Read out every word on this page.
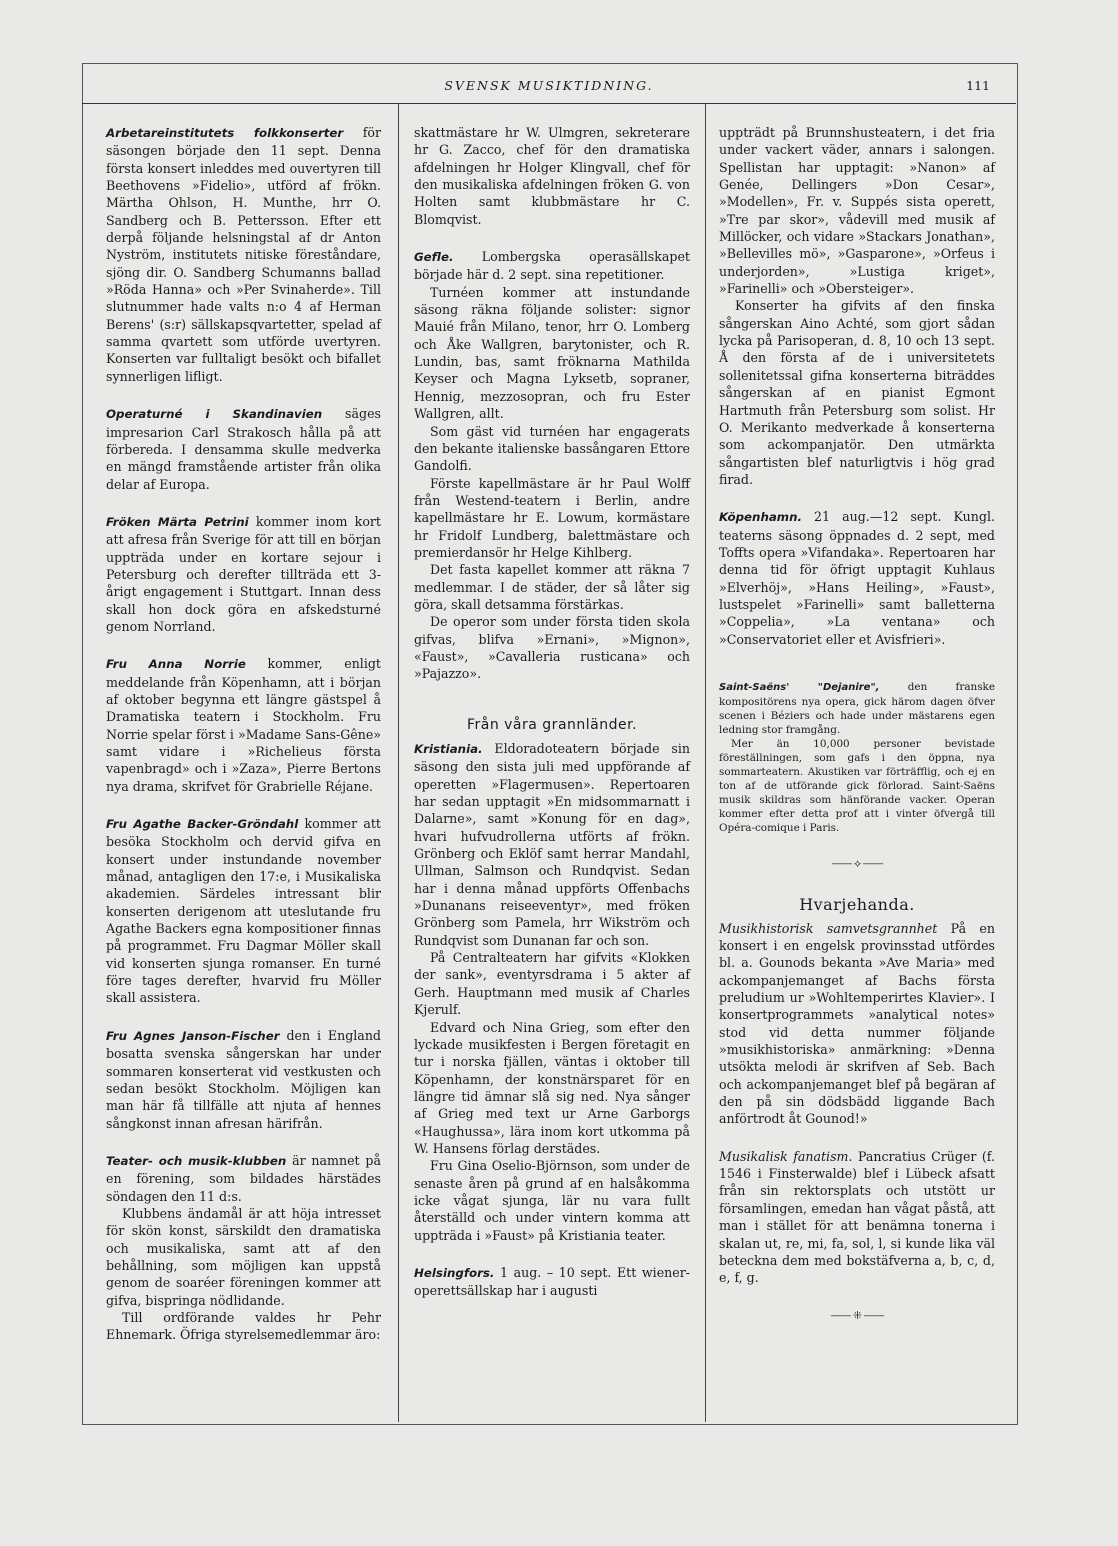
SVENSK MUSIKTIDNING.	111

Arbetareinstitutets folkkonserter för säsongen började den 11 sept. Denna första konsert inleddes med ouvertyren till Beethovens »Fidelio», utförd af frökn. Märtha Ohlson, H. Munthe, hrr O. Sandberg och B. Pettersson. Efter ett derpå följande helsningstal af dr Anton Nyström, institutets nitiske föreståndare, sjöng dir. O. Sandberg Schumanns ballad »Röda Hanna» och »Per Svinaherde». Till slutnummer hade valts n:o 4 af Herman Berens' (s:r) sällskapsqvartetter, spelad af samma qvartett som utförde uvertyren. Konserten var fulltaligt besökt och bifallet synnerligen lifligt.

Operaturné i Skandinavien säges impresarion Carl Strakosch hålla på att förbereda. I densamma skulle medverka en mängd framstående artister från olika delar af Europa.

Fröken Märta Petrini kommer inom kort att afresa från Sverige för att till en början uppträda under en kortare sejour i Petersburg och derefter tillträda ett 3-årigt engagement i Stuttgart. Innan dess skall hon dock göra en afskedsturné genom Norrland.

Fru Anna Norrie kommer, enligt meddelande från Köpenhamn, att i början af oktober begynna ett längre gästspel å Dramatiska teatern i Stockholm. Fru Norrie spelar först i »Madame Sans-Gêne» samt vidare i »Richelieus första vapenbragd» och i »Zaza», Pierre Bertons nya drama, skrifvet för Grabrielle Réjane.

Fru Agathe Backer-Gröndahl kommer att besöka Stockholm och dervid gifva en konsert under instundande november månad, antagligen den 17:e, i Musikaliska akademien. Särdeles intressant blir konserten derigenom att uteslutande fru Agathe Backers egna kompositioner finnas på programmet. Fru Dagmar Möller skall vid konserten sjunga romanser. En turné före tages derefter, hvarvid fru Möller skall assistera.

Fru Agnes Janson-Fischer den i England bosatta svenska sångerskan har under sommaren konserterat vid vestkusten och sedan besökt Stockholm. Möjligen kan man här få tillfälle att njuta af hennes sångkonst innan afresan härifrån.

Teater- och musik-klubben är namnet på en förening, som bildades härstädes söndagen den 11 d:s.

Klubbens ändamål är att höja intresset för skön konst, särskildt den dramatiska och musikaliska, samt att af den behållning, som möjligen kan uppstå genom de soaréer föreningen kommer att gifva, bispringa nödlidande.

Till ordförande valdes hr Pehr Ehnemark. Öfriga styrelsemedlemmar äro:

skattmästare hr W. Ulmgren, sekreterare hr G. Zacco, chef för den dramatiska afdelningen hr Holger Klingvall, chef för den musikaliska afdelningen fröken G. von Holten samt klubbmästare hr C. Blomqvist.

Gefle. Lombergska operasällskapet började här d. 2 sept. sina repetitioner.

Turnéen kommer att instundande säsong räkna följande solister: signor Mauié från Milano, tenor, hrr O. Lomberg och Åke Wallgren, barytonister, och R. Lundin, bas, samt fröknarna Mathilda Keyser och Magna Lyksetb, sopraner, Hennig, mezzosopran, och fru Ester Wallgren, allt.

Som gäst vid turnéen har engagerats den bekante italienske bassångaren Ettore Gandolfi.

Förste kapellmästare är hr Paul Wolff från Westend-teatern i Berlin, andre kapellmästare hr E. Lowum, kormästare hr Fridolf Lundberg, balettmästare och premierdansör hr Helge Kihlberg.

Det fasta kapellet kommer att räkna 7 medlemmar. I de städer, der så låter sig göra, skall detsamma förstärkas.

De operor som under första tiden skola gifvas, blifva »Ernani», »Mignon», «Faust», »Cavalleria rusticana» och »Pajazzo».

Från våra grannländer.

Kristiania. Eldoradoteatern började sin säsong den sista juli med uppförande af operetten »Flagermusen». Repertoaren har sedan upptagit »En midsommarnatt i Dalarne», samt »Konung för en dag», hvari hufvudrollerna utförts af frökn. Grönberg och Eklöf samt herrar Mandahl, Ullman, Salmson och Rundqvist. Sedan har i denna månad uppförts Offenbachs »Dunanans reiseeventyr», med fröken Grönberg som Pamela, hrr Wikström och Rundqvist som Dunanan far och son.

På Centralteatern har gifvits «Klokken der sank», eventyrsdrama i 5 akter af Gerh. Hauptmann med musik af Charles Kjerulf.

Edvard och Nina Grieg, som efter den lyckade musikfesten i Bergen företagit en tur i norska fjällen, väntas i oktober till Köpenhamn, der konstnärsparet för en längre tid ämnar slå sig ned. Nya sånger af Grieg med text ur Arne Garborgs «Haughussa», lära inom kort utkomma på W. Hansens förlag derstädes.

Fru Gina Oselio-Björnson, som under de senaste åren på grund af en halsåkomma icke vågat sjunga, lär nu vara fullt återställd och under vintern komma att uppträda i »Faust» på Kristiania teater.

Helsingfors. 1 aug. – 10 sept. Ett wiener-operettsällskap har i augusti

uppträdt på Brunnshusteatern, i det fria under vackert väder, annars i salongen. Spellistan har upptagit: »Nanon» af Genée, Dellingers »Don Cesar», »Modellen», Fr. v. Suppés sista operett, »Tre par skor», vådevill med musik af Millöcker, och vidare »Stackars Jonathan», »Bellevilles mö», »Gasparone», »Orfeus i underjorden», »Lustiga kriget», »Farinelli» och »Obersteiger».

Konserter ha gifvits af den finska sångerskan Aino Achté, som gjort sådan lycka på Parisoperan, d. 8, 10 och 13 sept. Å den första af de i universitetets sollenitetssal gifna konserterna biträddes sångerskan af en pianist Egmont Hartmuth från Petersburg som solist. Hr O. Merikanto medverkade å konserterna som ackompanjatör. Den utmärkta sångartisten blef naturligtvis i hög grad firad.

Köpenhamn. 21 aug.—12 sept. Kungl. teaterns säsong öppnades d. 2 sept, med Toffts opera »Vifandaka». Repertoaren har denna tid för öfrigt upptagit Kuhlaus »Elverhöj», »Hans Heiling», »Faust», lustspelet »Farinelli» samt balletterna »Coppelia», »La ventana» och »Conservatoriet eller et Avisfrieri».

Saint-Saëns' "Dejanire",	den franske kompositörens nya opera, gick härom dagen öfver scenen i Béziers och hade under mästarens egen ledning stor framgång.

Mer än 10,000 personer bevistade föreställningen, som gafs i den öppna, nya sommarteatern. Akustiken var förträfflig, och ej en ton af de utförande gick förlorad. Saint-Saëns musik skildras som hänförande vacker. Operan kommer efter detta prof att i vinter öfvergå till Opéra-comique i Paris.

—— ⟡ ——
Hvarjehanda.

Musikhistorisk samvetsgrannhet På en konsert i en engelsk provinsstad utfördes bl. a. Gounods bekanta »Ave Maria» med ackompanjemanget af Bachs första preludium ur »Wohltemperirtes Klavier». I konsertprogrammets »analytical notes» stod vid detta nummer följande »musikhistoriska» anmärkning: »Denna utsökta melodi är skrifven af Seb. Bach och ackompanjemanget blef på begäran af den på sin dödsbädd liggande Bach anförtrodt åt Gounod!»

Musikalisk fanatism. Pancratius Crüger (f. 1546 i Finsterwalde) blef i Lübeck afsatt från sin rektorsplats och utstött ur församlingen, emedan han vågat påstå, att man i stället för att benämna tonerna i skalan ut, re, mi, fa, sol, l, si kunde lika väl beteckna dem med bokstäfverna a, b, c, d, e, f, g.

—— ⁜ ——
